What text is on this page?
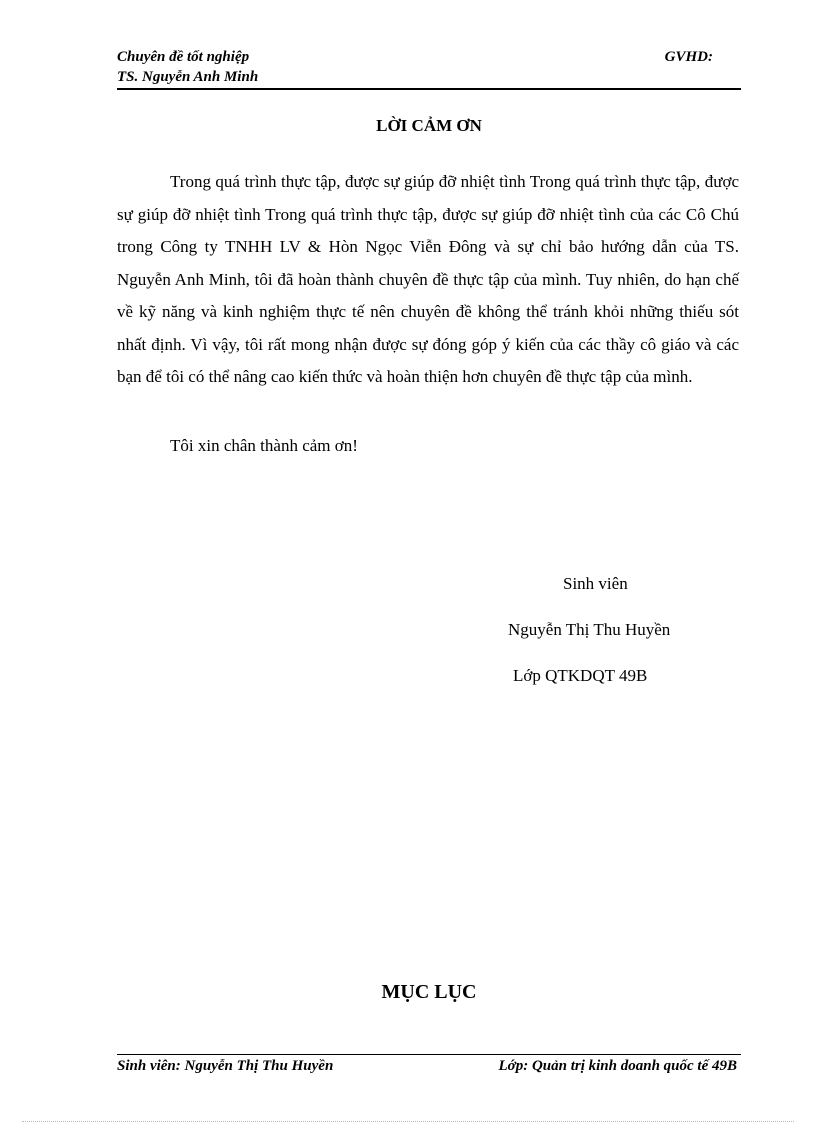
Chuyên đề tốt nghiệp	GVHD:
TS. Nguyễn Anh Minh
LỜI CẢM ƠN

Trong quá trình thực tập, được sự giúp đỡ nhiệt tình Trong quá trình thực tập, được sự giúp đỡ nhiệt tình Trong quá trình thực tập, được sự giúp đỡ nhiệt tình của các Cô Chú trong Công ty TNHH LV & Hòn Ngọc Viễn Đông và sự chỉ bảo hướng dẫn của TS. Nguyễn Anh Minh, tôi đã hoàn thành chuyên đề thực tập của mình. Tuy nhiên, do hạn chế về kỹ năng và kinh nghiệm thực tế nên chuyên đề không thể tránh khỏi những thiếu sót nhất định. Vì vậy, tôi rất mong nhận được sự đóng góp ý kiến của các thầy cô giáo và các bạn để tôi có thể nâng cao kiến thức và hoàn thiện hơn chuyên đề thực tập của mình.

Tôi xin chân thành cảm ơn!

Sinh viên
Nguyễn Thị Thu Huyền
Lớp QTKDQT 49B
MỤC LỤC
Sinh viên: Nguyễn Thị Thu Huyền	Lớp: Quản trị kinh doanh quốc tế 49B
